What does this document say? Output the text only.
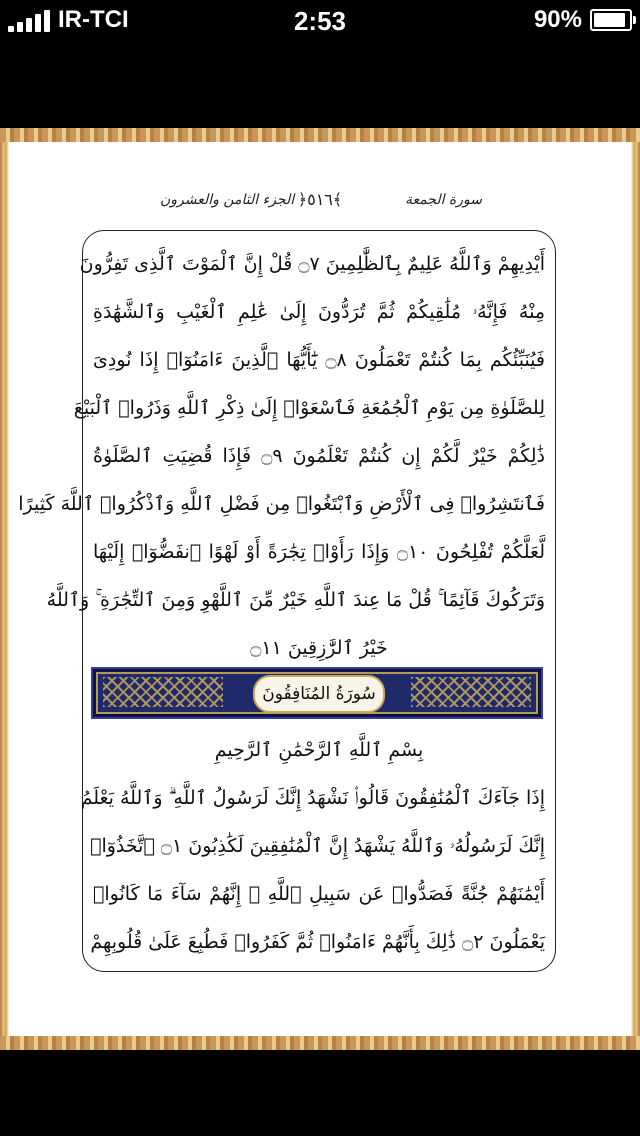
IR-TCI	2:53	90%
الجزء الثامن والعشرون ﴿٥١٦﴾	سورة الجمعة
أَيْدِيهِمْ وَٱللَّهُ عَلِيمٌ بِٱلظَّٰلِمِينَ ۝٧ قُلْ إِنَّ ٱلْمَوْتَ ٱلَّذِى تَفِرُّونَ
مِنْهُ فَإِنَّهُۥ مُلَٰقِيكُمْ ثُمَّ تُرَدُّونَ إِلَىٰ عَٰلِمِ ٱلْغَيْبِ وَٱلشَّهَٰدَةِ
فَيُنَبِّئُكُم بِمَا كُنتُمْ تَعْمَلُونَ ۝٨ يَٰٓأَيُّهَا ٱلَّذِينَ ءَامَنُوٓا۟ إِذَا نُودِىَ
لِلصَّلَوٰةِ مِن يَوْمِ ٱلْجُمُعَةِ فَٱسْعَوْا۟ إِلَىٰ ذِكْرِ ٱللَّهِ وَذَرُوا۟ ٱلْبَيْعَ
ذَٰلِكُمْ خَيْرٌ لَّكُمْ إِن كُنتُمْ تَعْلَمُونَ ۝٩ فَإِذَا قُضِيَتِ ٱلصَّلَوٰةُ
فَٱنتَشِرُوا۟ فِى ٱلْأَرْضِ وَٱبْتَغُوا۟ مِن فَضْلِ ٱللَّهِ وَٱذْكُرُوا۟ ٱللَّهَ كَثِيرًا
لَّعَلَّكُمْ تُفْلِحُونَ ۝١٠ وَإِذَا رَأَوْا۟ تِجَٰرَةً أَوْ لَهْوًا ٱنفَضُّوٓا۟ إِلَيْهَا
وَتَرَكُوكَ قَآئِمًا ۚ قُلْ مَا عِندَ ٱللَّهِ خَيْرٌ مِّنَ ٱللَّهْوِ وَمِنَ ٱلتِّجَٰرَةِ ۚ وَٱللَّهُ
خَيْرُ ٱلرَّٰزِقِينَ ۝١١
سُورَةُ المُنَافِقُونَ
بِسْمِ ٱللَّهِ ٱلرَّحْمَٰنِ ٱلرَّحِيمِ
إِذَا جَآءَكَ ٱلْمُنَٰفِقُونَ قَالُوا۟ نَشْهَدُ إِنَّكَ لَرَسُولُ ٱللَّهِ ۗ وَٱللَّهُ يَعْلَمُ
إِنَّكَ لَرَسُولُهُۥ وَٱللَّهُ يَشْهَدُ إِنَّ ٱلْمُنَٰفِقِينَ لَكَٰذِبُونَ ۝١ ٱتَّخَذُوٓا۟
أَيْمَٰنَهُمْ جُنَّةً فَصَدُّوا۟ عَن سَبِيلِ ٱللَّهِ ۚ إِنَّهُمْ سَآءَ مَا كَانُوا۟
يَعْمَلُونَ ۝٢ ذَٰلِكَ بِأَنَّهُمْ ءَامَنُوا۟ ثُمَّ كَفَرُوا۟ فَطُبِعَ عَلَىٰ قُلُوبِهِمْ
